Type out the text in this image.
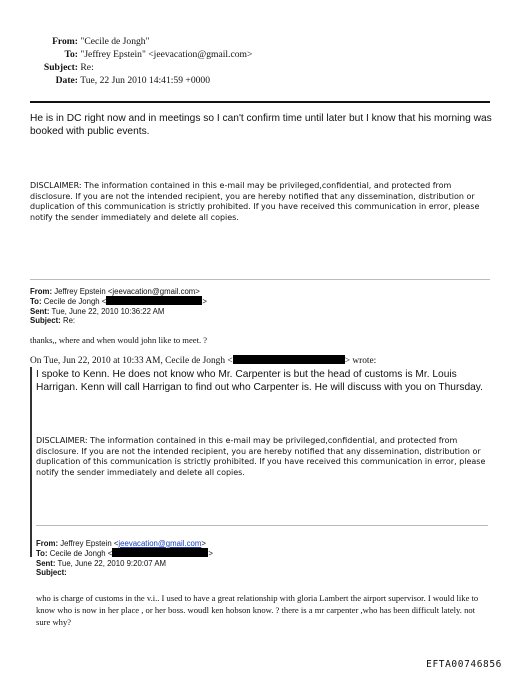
From: "Cecile de Jongh"
To: "Jeffrey Epstein" <jeevacation@gmail.com>
Subject: Re:
Date: Tue, 22 Jun 2010 14:41:59 +0000

He is in DC right now and in meetings so I can't confirm time until later but I know that his morning was booked with public events.

DISCLAIMER: The information contained in this e-mail may be privileged,confidential, and protected from disclosure. If you are not the intended recipient, you are hereby notified that any dissemination, distribution or duplication of this communication is strictly prohibited. If you have received this communication in error, please notify the sender immediately and delete all copies.

From: Jeffrey Epstein <jeevacation@gmail.com>
To: Cecile de Jongh <	>
Sent: Tue, June 22, 2010 10:36:22 AM
Subject: Re:

thanks,, where and when would john like to meet. ?

On Tue, Jun 22, 2010 at 10:33 AM, Cecile de Jongh <	> wrote:

I spoke to Kenn. He does not know who Mr. Carpenter is but the head of customs is Mr. Louis Harrigan. Kenn will call Harrigan to find out who Carpenter is. He will discuss with you on Thursday.

DISCLAIMER: The information contained in this e-mail may be privileged,confidential, and protected from disclosure. If you are not the intended recipient, you are hereby notified that any dissemination, distribution or duplication of this communication is strictly prohibited. If you have received this communication in error, please notify the sender immediately and delete all copies.

From: Jeffrey Epstein <jeevacation@gmail.com>
To: Cecile de Jongh <	>
Sent: Tue, June 22, 2010 9:20:07 AM
Subject:

who is charge of customs in the v.i.. I used to have a great relationship with gloria Lambert the airport supervisor. I would like to know who is now in her place , or her boss. woudl ken hobson know. ? there is a mr carpenter ,who has been difficult lately. not sure why?

EFTA00746856
